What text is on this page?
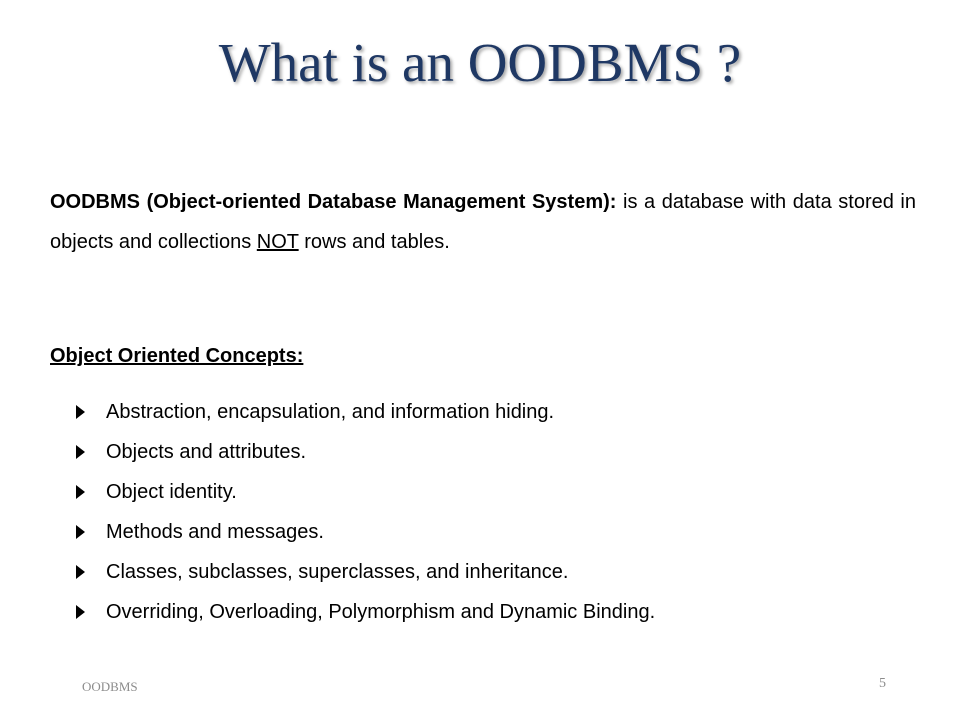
What is an OODBMS ?
OODBMS (Object-oriented Database Management System): is a database with data stored in objects and collections NOT rows and tables.
Object Oriented Concepts:
Abstraction, encapsulation, and information hiding.
Objects and attributes.
Object identity.
Methods and messages.
Classes, subclasses, superclasses, and inheritance.
Overriding, Overloading, Polymorphism and Dynamic Binding.
OODBMS	5
